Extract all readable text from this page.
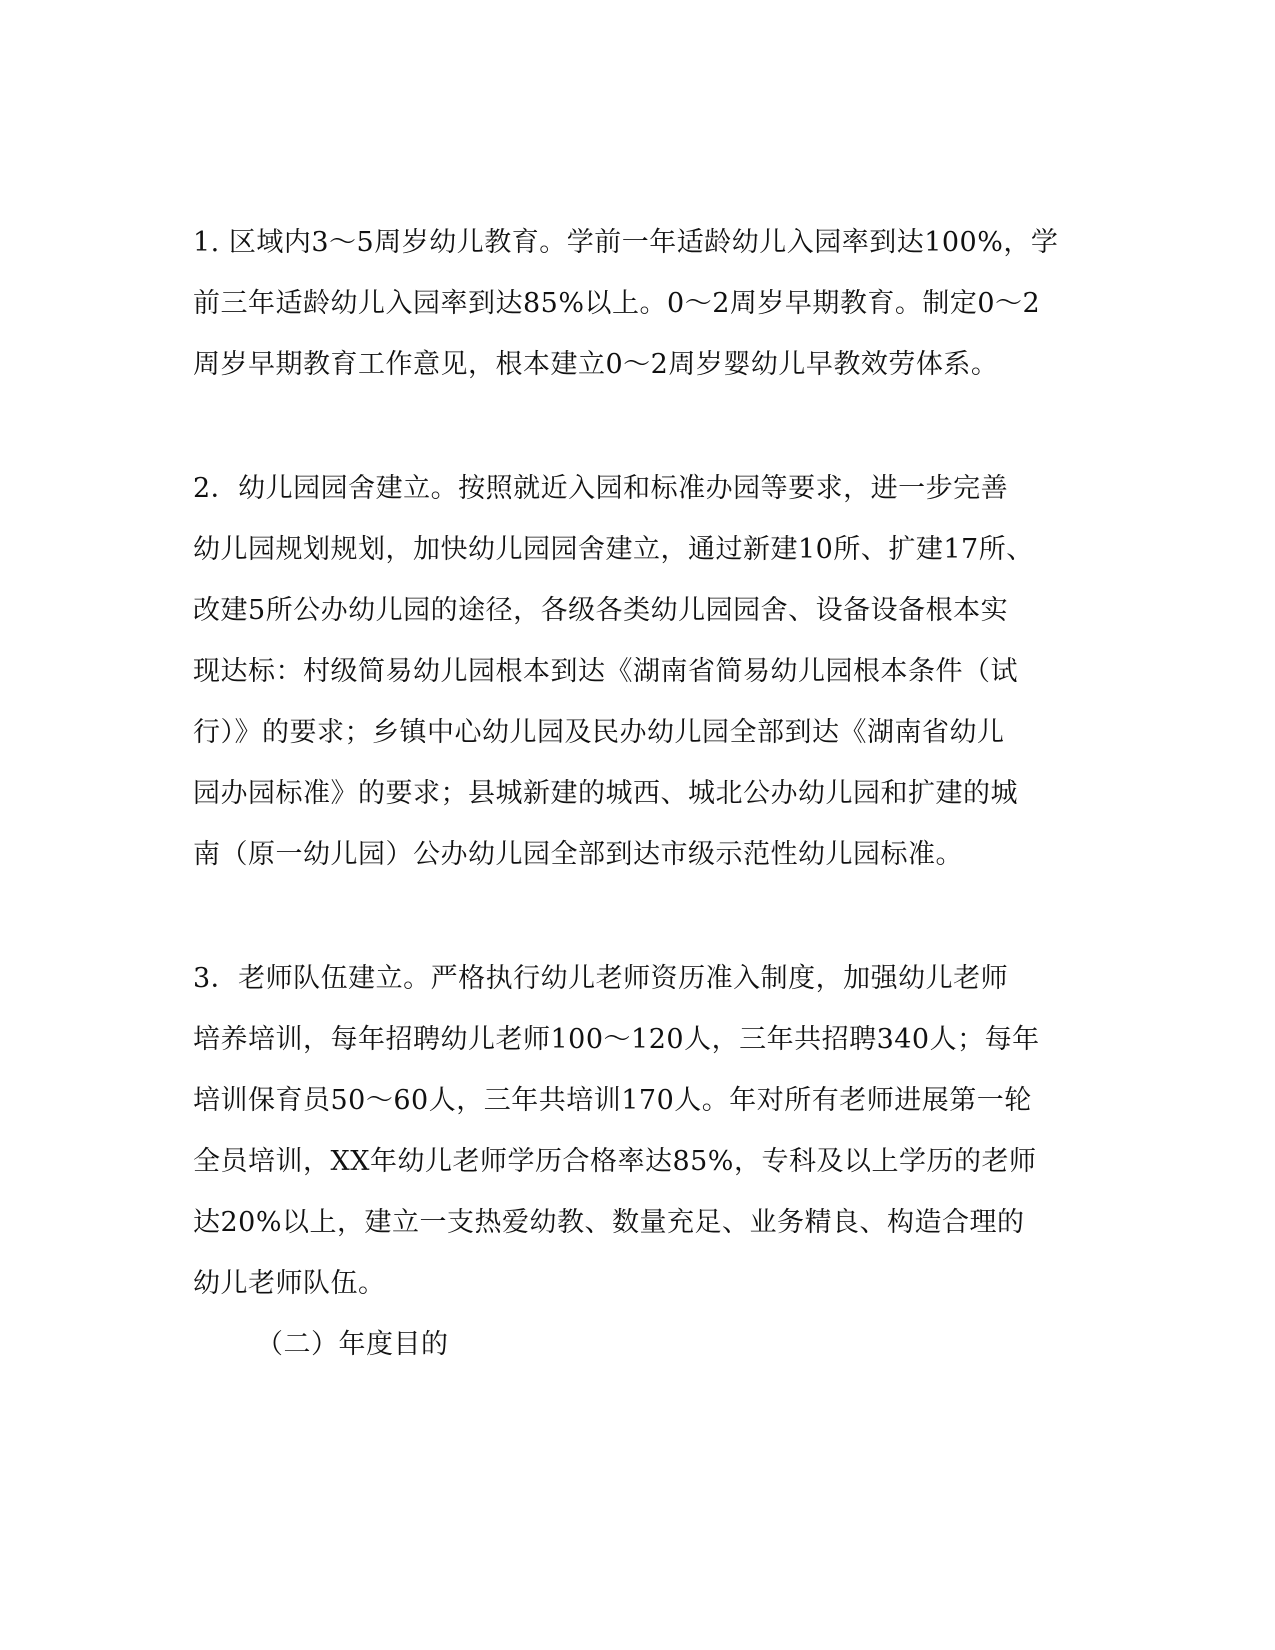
1. 区域内3～5周岁幼儿教育。学前一年适龄幼儿入园率到达100%，学
前三年适龄幼儿入园率到达85%以上。0～2周岁早期教育。制定0～2
周岁早期教育工作意见，根本建立0～2周岁婴幼儿早教效劳体系。
2．幼儿园园舍建立。按照就近入园和标准办园等要求，进一步完善
幼儿园规划规划，加快幼儿园园舍建立，通过新建10所、扩建17所、
改建5所公办幼儿园的途径，各级各类幼儿园园舍、设备设备根本实
现达标：村级简易幼儿园根本到达《湖南省简易幼儿园根本条件（试
行）》的要求；乡镇中心幼儿园及民办幼儿园全部到达《湖南省幼儿
园办园标准》的要求；县城新建的城西、城北公办幼儿园和扩建的城
南（原一幼儿园）公办幼儿园全部到达市级示范性幼儿园标准。
3．老师队伍建立。严格执行幼儿老师资历准入制度，加强幼儿老师
培养培训，每年招聘幼儿老师100～120人，三年共招聘340人；每年
培训保育员50～60人，三年共培训170人。年对所有老师进展第一轮
全员培训，XX年幼儿老师学历合格率达85%，专科及以上学历的老师
达20%以上，建立一支热爱幼教、数量充足、业务精良、构造合理的
幼儿老师队伍。
（二）年度目的
